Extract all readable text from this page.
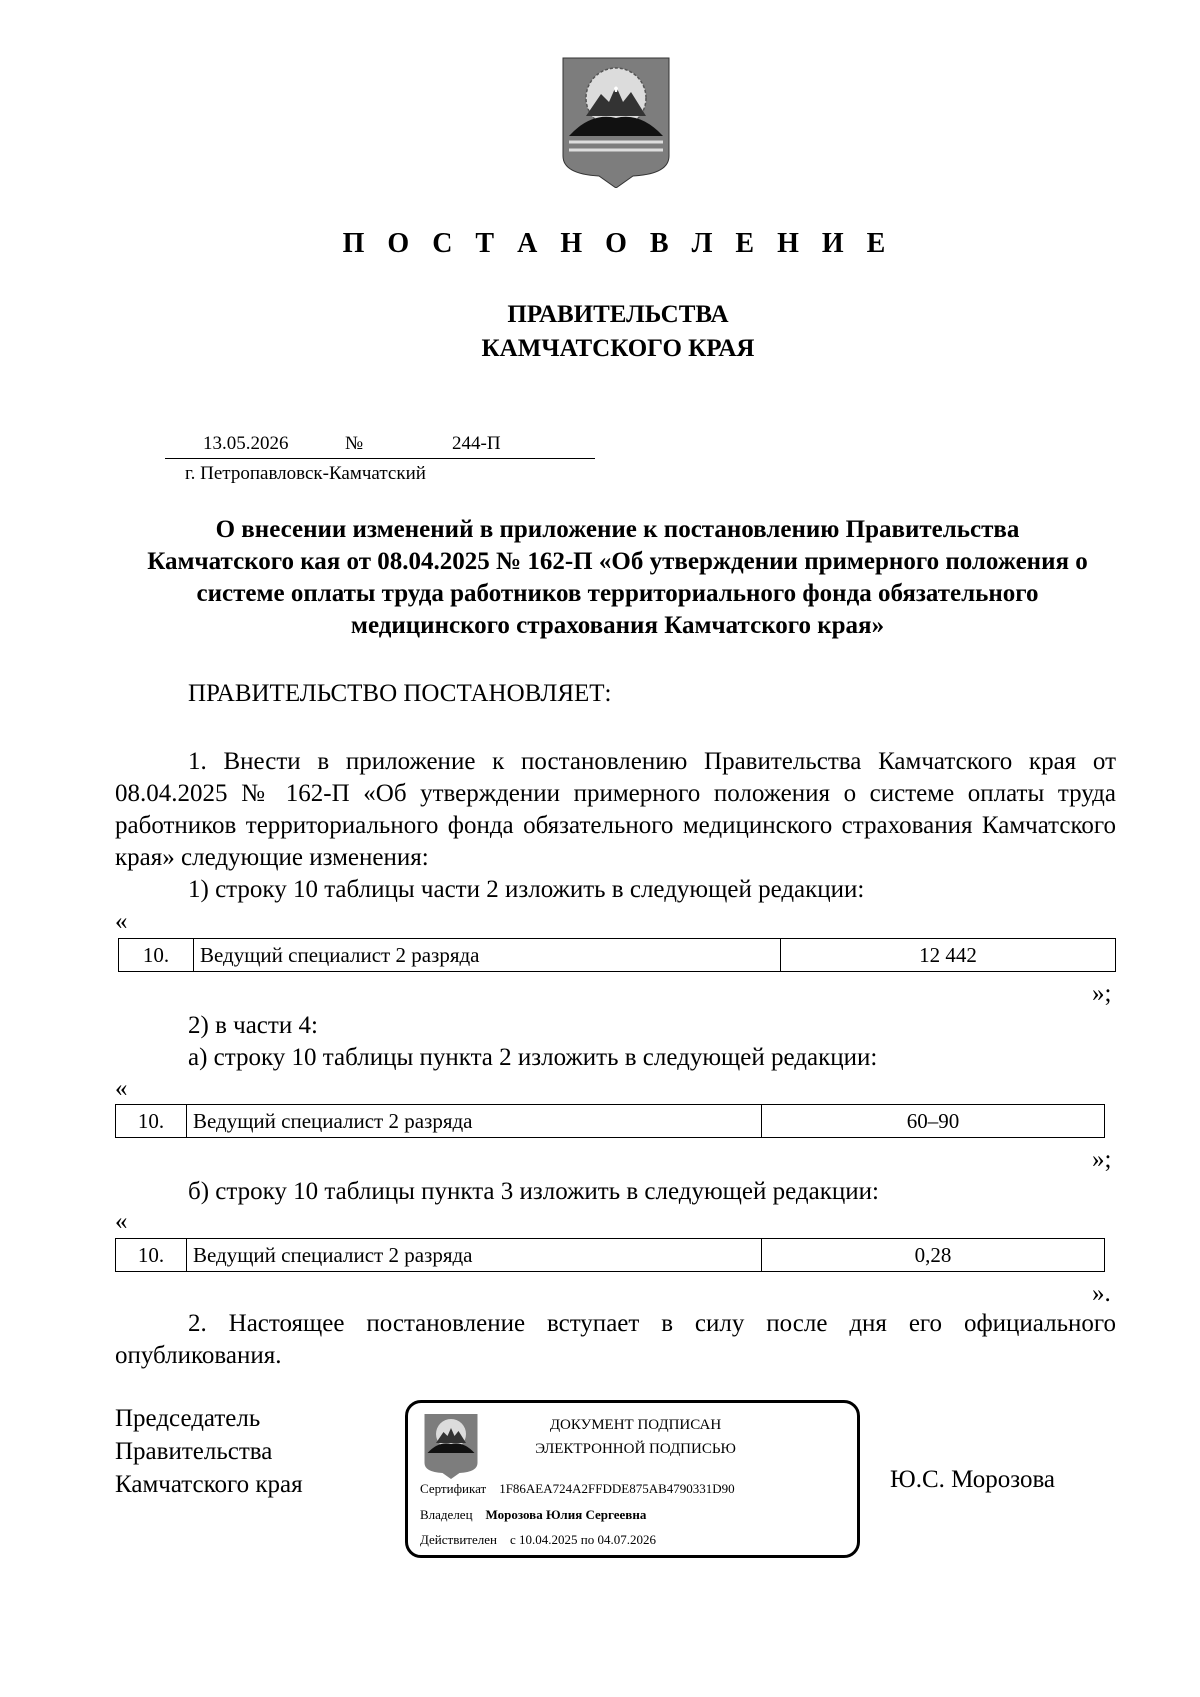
П О С Т А Н О В Л Е Н И Е
ПРАВИТЕЛЬСТВА
КАМЧАТСКОГО КРАЯ
13.05.2026	№	244-П
г. Петропавловск-Камчатский
О внесении изменений в приложение к постановлению Правительства Камчатского кая от 08.04.2025 № 162-П «Об утверждении примерного положения о системе оплаты труда работников территориального фонда обязательного медицинского страхования Камчатского края»
ПРАВИТЕЛЬСТВО ПОСТАНОВЛЯЕТ:
1. Внести в приложение к постановлению Правительства Камчатского края от 08.04.2025 № 162-П «Об утверждении примерного положения о системе оплаты труда работников территориального фонда обязательного медицинского страхования Камчатского края» следующие изменения:
1) строку 10 таблицы части 2 изложить в следующей редакции:
«
10.	Ведущий специалист 2 разряда	12 442
»;
2) в части 4:
а) строку 10 таблицы пункта 2 изложить в следующей редакции:
«
10.	Ведущий специалист 2 разряда	60–90
»;
б) строку 10 таблицы пункта 3 изложить в следующей редакции:
«
10.	Ведущий специалист 2 разряда	0,28
».
2. Настоящее постановление вступает в силу после дня его официального опубликования.
Председатель
Правительства
Камчатского края
ДОКУМЕНТ ПОДПИСАН
ЭЛЕКТРОННОЙ ПОДПИСЬЮ
Сертификат 1F86AEA724A2FFDDE875AB4790331D90
Владелец Морозова Юлия Сергеевна
Действителен с 10.04.2025 по 04.07.2026
Ю.С. Морозова
